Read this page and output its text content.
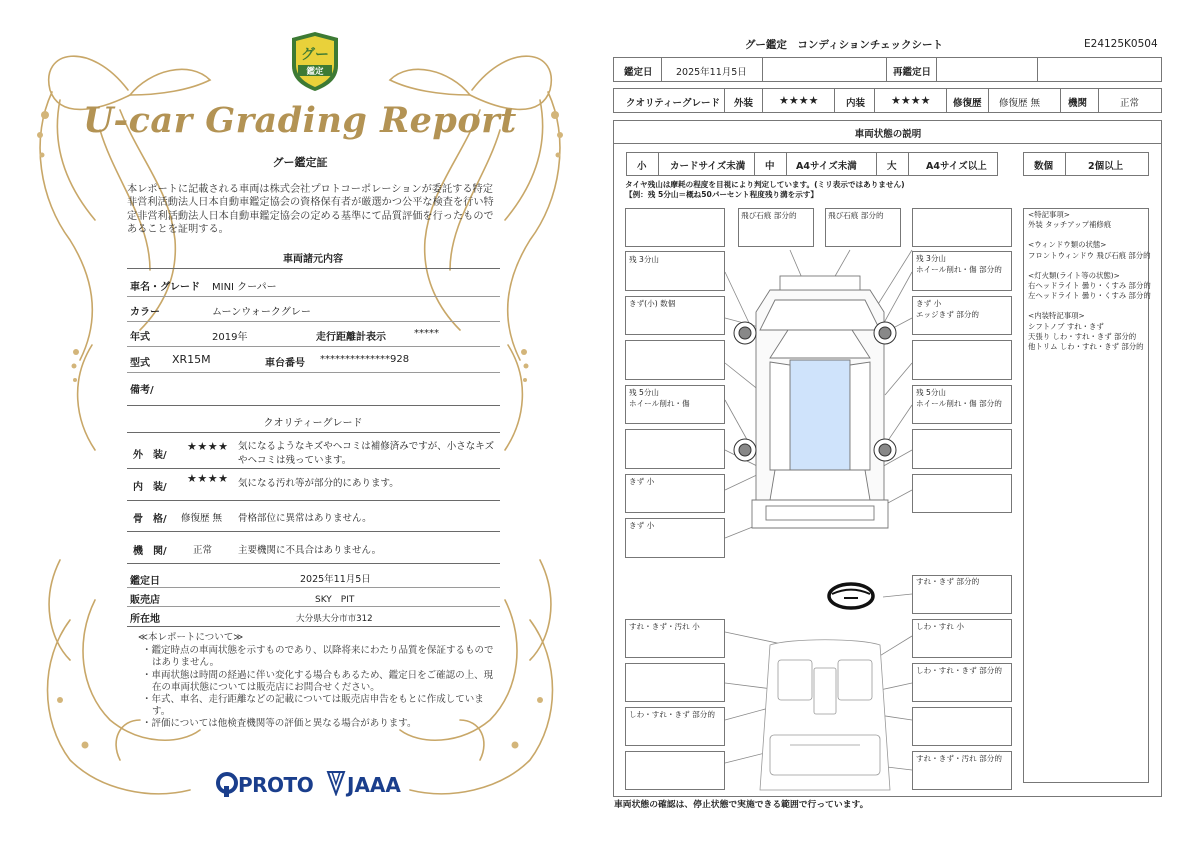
グー
鑑定
U-car Grading Report
グー鑑定証
本レポートに記載される車両は株式会社プロトコーポレーションが委託する特定非営利活動法人日本自動車鑑定協会の資格保有者が厳選かつ公平な検査を行い特定非営利活動法人日本自動車鑑定協会の定める基準にて品質評価を行ったものであることを証明する。
車両諸元内容
車名・グレード MINI クーパー
カラー	ムーンウォークグレー
年式	2019年	走行距離計表示	*****
型式 XR15M	車台番号 **************928
備考/
クオリティーグレード
外　装/
★★★★ 気になるようなキズやヘコミは補修済みですが、小さなキズやヘコミは残っています。
内　装/
★★★★ 気になる汚れ等が部分的にあります。
骨　格/ 修復歴 無 骨格部位に異常はありません。
機　関/	正常	主要機関に不具合はありません。
鑑定日	2025年11月5日
販売店	SKY　PIT
所在地	大分県大分市市312
≪本レポートについて≫
・鑑定時点の車両状態を示すものであり、以降将来にわたり品質を保証するものではありません。
・車両状態は時間の経過に伴い変化する場合もあるため、鑑定日をご確認の上、現在の車両状態については販売店にお問合せください。
・年式、車名、走行距離などの記載については販売店申告をもとに作成しています。
・評価については他検査機関等の評価と異なる場合があります。
PROTO JAAA
グー鑑定　コンディションチェックシート	E24125K0504
鑑定日 2025年11月5日	再鑑定日
クオリティーグレード 外装 ★★★★	内装 ★★★★ 修復歴 修復歴 無	機関	正常
車両状態の説明
小 カードサイズ未満 中 A4サイズ未満	大	A4サイズ以上	数個	2個以上
タイヤ残山は摩耗の程度を目視により判定しています。(ミリ表示ではありません)
【例：残 5分山＝概ね50パーセント程度残り溝を示す】
残 3分山
きず(小) 数個
残 5分山
ホイール削れ・傷
きず 小
きず 小
飛び石痕 部分的	飛び石痕 部分的
残 3分山
ホイール削れ・傷 部分的
きず 小
エッジきず 部分的
残 5分山
ホイール削れ・傷 部分的
<特記事項>
外装 タッチアップ補修痕
<ウィンドウ類の状態>
フロントウィンドウ 飛び石痕 部分的
<灯火類(ライト等の状態)>
右ヘッドライト 曇り・くすみ 部分的
左ヘッドライト 曇り・くすみ 部分的
<内装特記事項>
シフトノブ すれ・きず
天張り しわ・すれ・きず 部分的
他トリム しわ・すれ・きず 部分的
すれ・きず・汚れ 小
しわ・すれ・きず 部分的
すれ・きず 部分的
しわ・すれ 小
しわ・すれ・きず 部分的
すれ・きず・汚れ 部分的
車両状態の確認は、停止状態で実施できる範囲で行っています。
